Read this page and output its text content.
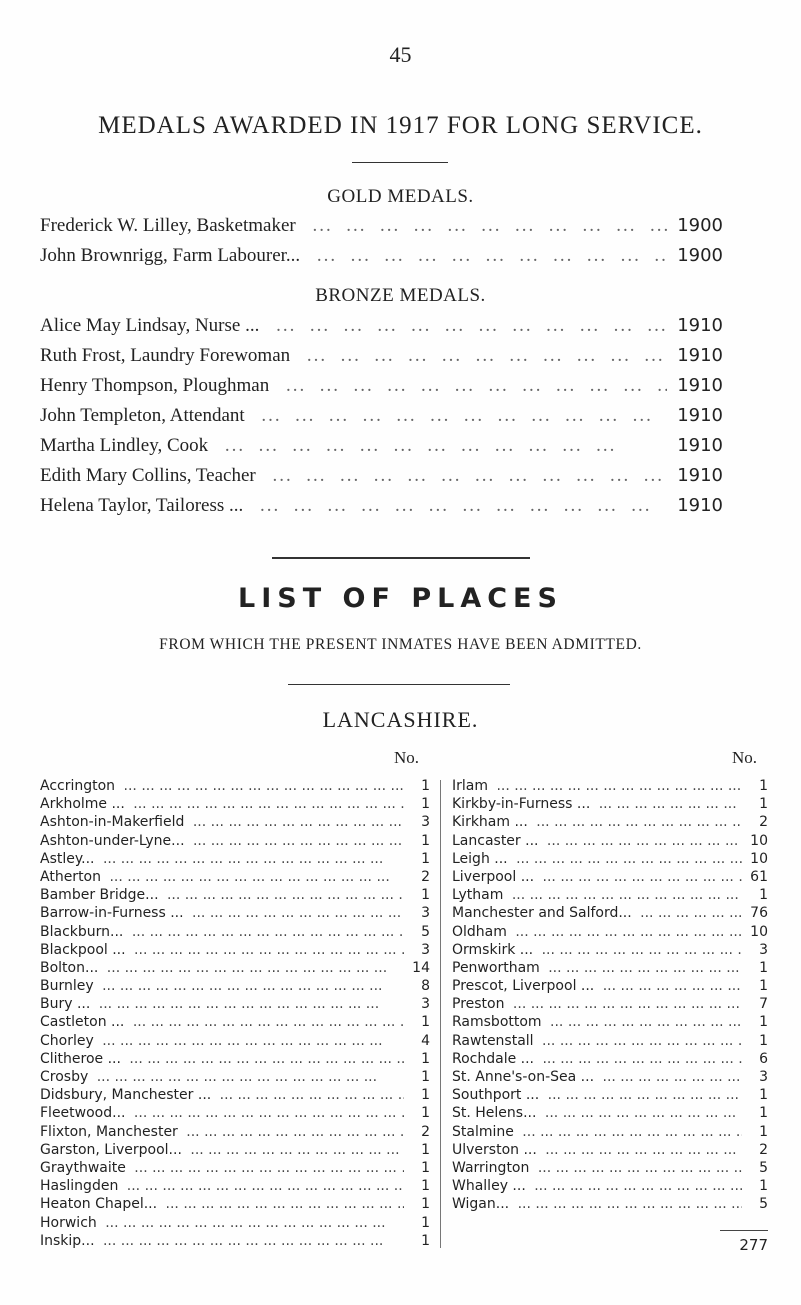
45
MEDALS AWARDED IN 1917 FOR LONG SERVICE.
GOLD MEDALS.
Frederick W. Lilley, Basketmaker ...	1900
John Brownrigg, Farm Labourer... ...	1900
BRONZE MEDALS.
Alice May Lindsay, Nurse ... ...	1910
Ruth Frost, Laundry Forewoman ...	1910
Henry Thompson, Ploughman ...	1910
John Templeton, Attendant ...	1910
Martha Lindley, Cook ...	1910
Edith Mary Collins, Teacher ...	1910
Helena Taylor, Tailoress ... ...	1910
LIST OF PLACES
FROM WHICH THE PRESENT INMATES HAVE BEEN ADMITTED.
LANCASHIRE.
No.	No.
Accrington ... .	1
Arkholme ... ... .	1
Ashton-in-Makerfield ... .	3
Ashton-under-Lyne... ... .	1
Astley... ... .	1
Atherton ... .	2
Bamber Bridge... ... .	1
Barrow-in-Furness ... ... .	3
Blackburn... ... .	5
Blackpool ... ... .	3
Bolton... ... .	14
Burnley ... .	8
Bury ... ... .	3
Castleton ... ... .	1
Chorley ... .	4
Clitheroe ... ... .	1
Crosby ... .	1
Didsbury, Manchester ... ... .	1
Fleetwood... ... .	1
Flixton, Manchester ... .	2
Garston, Liverpool... ... .	1
Graythwaite ... .	1
Haslingden ... .	1
Heaton Chapel... ... .	1
Horwich ... .	1
Inskip... ... .	1
Irlam ... .	1
Kirkby-in-Furness ... ... .	1
Kirkham ... ... .	2
Lancaster ... ... .	10
Leigh ... ... .	10
Liverpool ... ... .	61
Lytham ... .	1
Manchester and Salford... ... .	76
Oldham ... .	10
Ormskirk ... ... .	3
Penwortham ... .	1
Prescot, Liverpool ... ... .	1
Preston ... .	7
Ramsbottom ... .	1
Rawtenstall ... .	1
Rochdale ... ... .	6
St. Anne's-on-Sea ... ... .	3
Southport ... ... .	1
St. Helens... ... .	1
Stalmine ... .	1
Ulverston ... ... .	2
Warrington ... .	5
Whalley ... ... .	1
Wigan... ... .	5
277
